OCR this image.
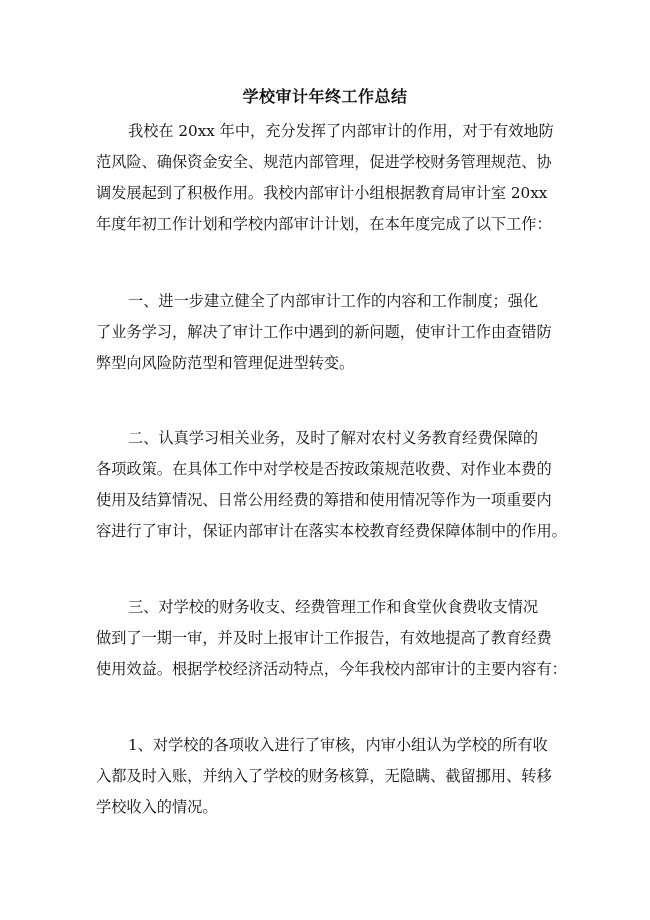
学校审计年终工作总结

我校在 20xx 年中，充分发挥了内部审计的作用，对于有效地防
范风险、确保资金安全、规范内部管理，促进学校财务管理规范、协
调发展起到了积极作用。我校内部审计小组根据教育局审计室 20xx
年度年初工作计划和学校内部审计计划，在本年度完成了以下工作：

一、进一步建立健全了内部审计工作的内容和工作制度；强化
了业务学习，解决了审计工作中遇到的新问题，使审计工作由查错防
弊型向风险防范型和管理促进型转变。

二、认真学习相关业务，及时了解对农村义务教育经费保障的
各项政策。在具体工作中对学校是否按政策规范收费、对作业本费的
使用及结算情况、日常公用经费的筹措和使用情况等作为一项重要内
容进行了审计，保证内部审计在落实本校教育经费保障体制中的作用。

三、对学校的财务收支、经费管理工作和食堂伙食费收支情况
做到了一期一审，并及时上报审计工作报告，有效地提高了教育经费
使用效益。根据学校经济活动特点，今年我校内部审计的主要内容有：

1、对学校的各项收入进行了审核，内审小组认为学校的所有收
入都及时入账，并纳入了学校的财务核算，无隐瞒、截留挪用、转移
学校收入的情况。
